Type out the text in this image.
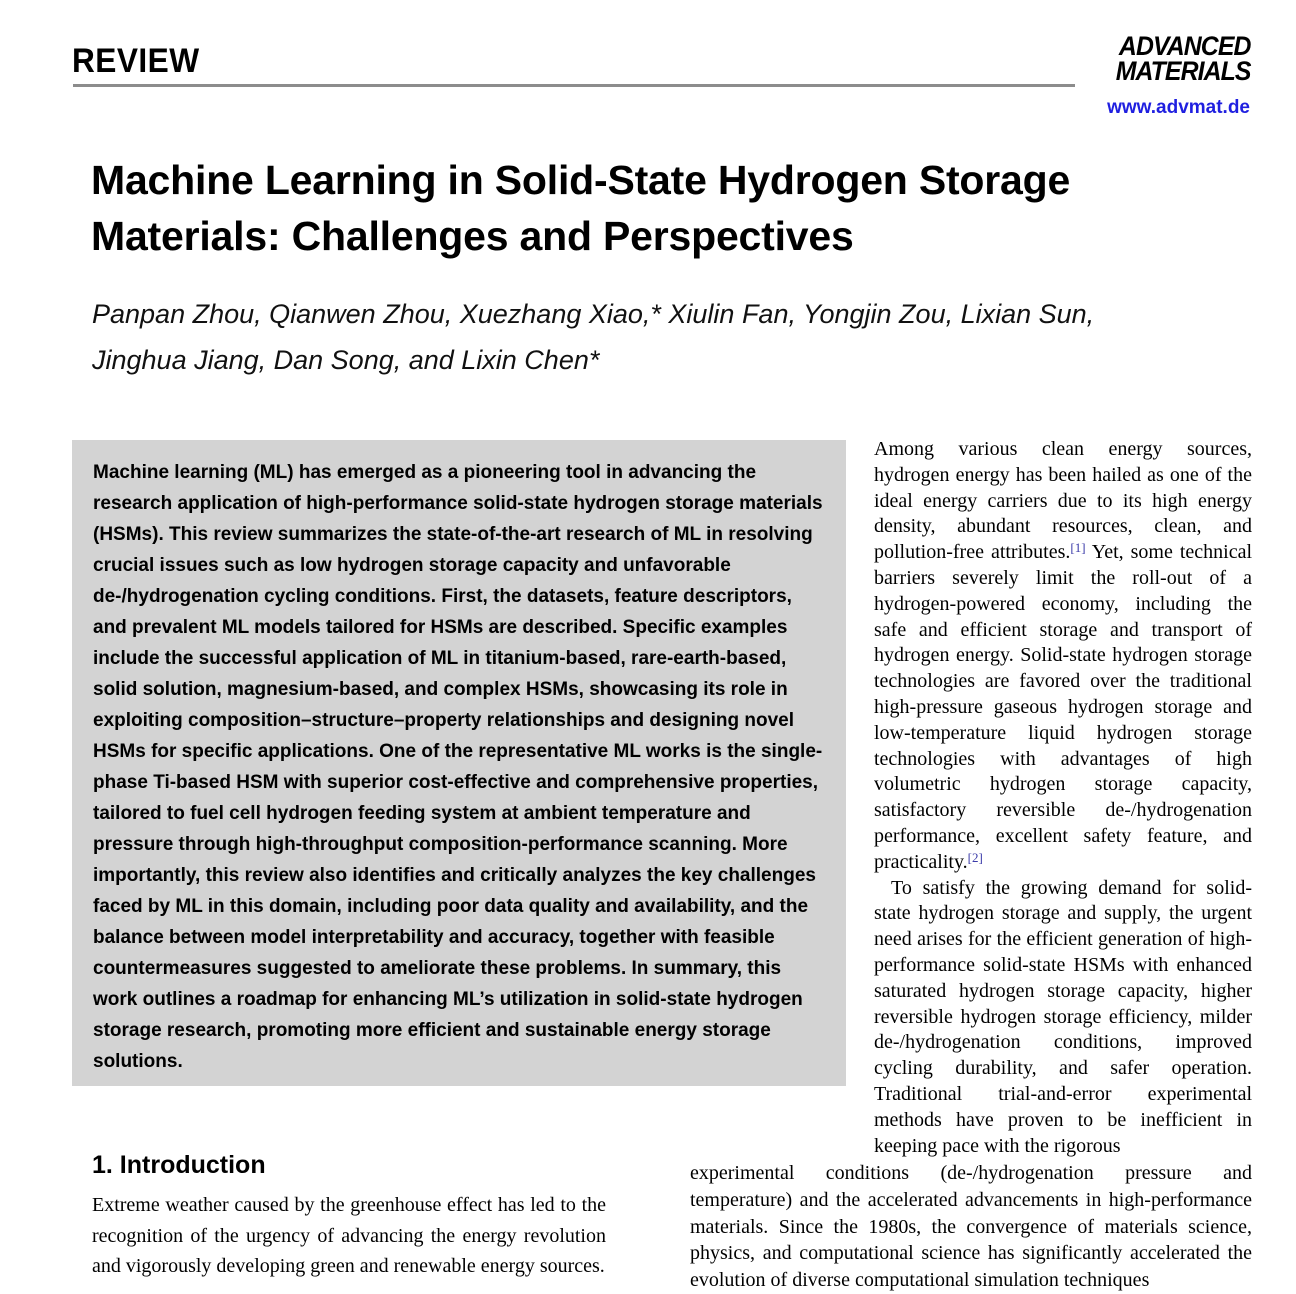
REVIEW	ADVANCED
MATERIALS
www.advmat.de
Machine Learning in Solid-State Hydrogen Storage
Materials: Challenges and Perspectives
Panpan Zhou, Qianwen Zhou, Xuezhang Xiao,* Xiulin Fan, Yongjin Zou, Lixian Sun,
Jinghua Jiang, Dan Song, and Lixin Chen*

Machine learning (ML) has emerged as a pioneering tool in advancing the research application of high-performance solid-state hydrogen storage materials (HSMs). This review summarizes the state-of-the-art research of ML in resolving crucial issues such as low hydrogen storage capacity and unfavorable de-/hydrogenation cycling conditions. First, the datasets, feature descriptors, and prevalent ML models tailored for HSMs are described. Specific examples include the successful application of ML in titanium-based, rare-earth-based, solid solution, magnesium-based, and complex HSMs, showcasing its role in exploiting composition–structure–property relationships and designing novel HSMs for specific applications. One of the representative ML works is the single-phase Ti-based HSM with superior cost-effective and comprehensive properties, tailored to fuel cell hydrogen feeding system at ambient temperature and pressure through high-throughput composition-performance scanning. More importantly, this review also identifies and critically analyzes the key challenges faced by ML in this domain, including poor data quality and availability, and the balance between model interpretability and accuracy, together with feasible countermeasures suggested to ameliorate these problems. In summary, this work outlines a roadmap for enhancing ML’s utilization in solid-state hydrogen storage research, promoting more efficient and sustainable energy storage solutions.

Among various clean energy sources, hydrogen energy has been hailed as one of the ideal energy carriers due to its high energy density, abundant resources, clean, and pollution-free attributes.[1] Yet, some technical barriers severely limit the roll-out of a hydrogen-powered economy, including the safe and efficient storage and transport of hydrogen energy. Solid-state hydrogen storage technologies are favored over the traditional high-pressure gaseous hydrogen storage and low-temperature liquid hydrogen storage technologies with advantages of high volumetric hydrogen storage capacity, satisfactory reversible de-/hydrogenation performance, excellent safety feature, and practicality.[2]

To satisfy the growing demand for solid-state hydrogen storage and supply, the urgent need arises for the efficient generation of high-performance solid-state HSMs with enhanced saturated hydrogen storage capacity, higher reversible hydrogen storage efficiency, milder de-/hydrogenation conditions, improved cycling durability, and safer operation. Traditional trial-and-error experimental methods have proven to be inefficient in keeping pace with the rigorous

experimental conditions (de-/hydrogenation pressure and temperature) and the accelerated advancements in high-performance materials. Since the 1980s, the convergence of materials science, physics, and computational science has significantly accelerated the evolution of diverse computational simulation techniques

1. Introduction

Extreme weather caused by the greenhouse effect has led to the recognition of the urgency of advancing the energy revolution and vigorously developing green and renewable energy sources.
